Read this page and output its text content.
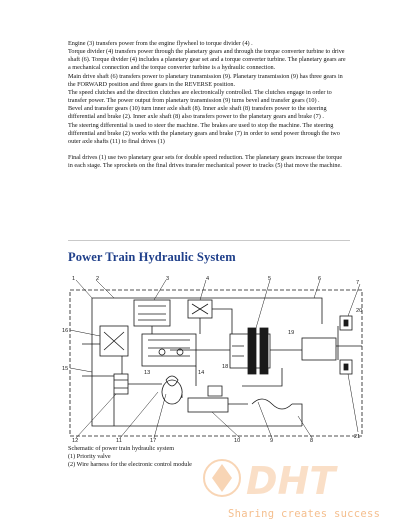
Engine (3) transfers power from the engine flywheel to torque divider (4) .

Torque divider (4) transfers power through the planetary gears and through the torque converter turbine to drive shaft (6). Torque divider (4) includes a planetary gear set and a torque converter turbine. The planetary gears are a mechanical connection and the torque converter turbine is a hydraulic connection.

Main drive shaft (6) transfers power to planetary transmission (9). Planetary transmission (9) has three gears in the FORWARD position and three gears in the REVERSE position.

The speed clutches and the direction clutches are electronically controlled. The clutches engage in order to transfer power. The power output from planetary transmission (9) turns bevel and transfer gears (10) .

Bevel and transfer gears (10) turn inner axle shaft (8). Inner axle shaft (8) transfers power to the steering differential and brake (2). Inner axle shaft (8) also transfers power to the planetary gears and brake (7) .

The steering differential is used to steer the machine. The brakes are used to stop the machine. The steering differential and brake (2) works with the planetary gears and brake (7) in order to send power through the two outer axle shafts (11) to final drives (1)

Final drives (1) use two planetary gear sets for double speed reduction. The planetary gears increase the torque in each stage. The sprockets on the final drives transfer mechanical power to tracks (5) that move the machine.

Power Train Hydraulic System
1	2	3	4	5	6
7
16
15
14
13
12	11	10	9	8
17
18
19
20
21

Schematic of power train hydraulic system

(1) Priority valve

(2) Wire harness for the electronic control module	DHT
Sharing creates success
